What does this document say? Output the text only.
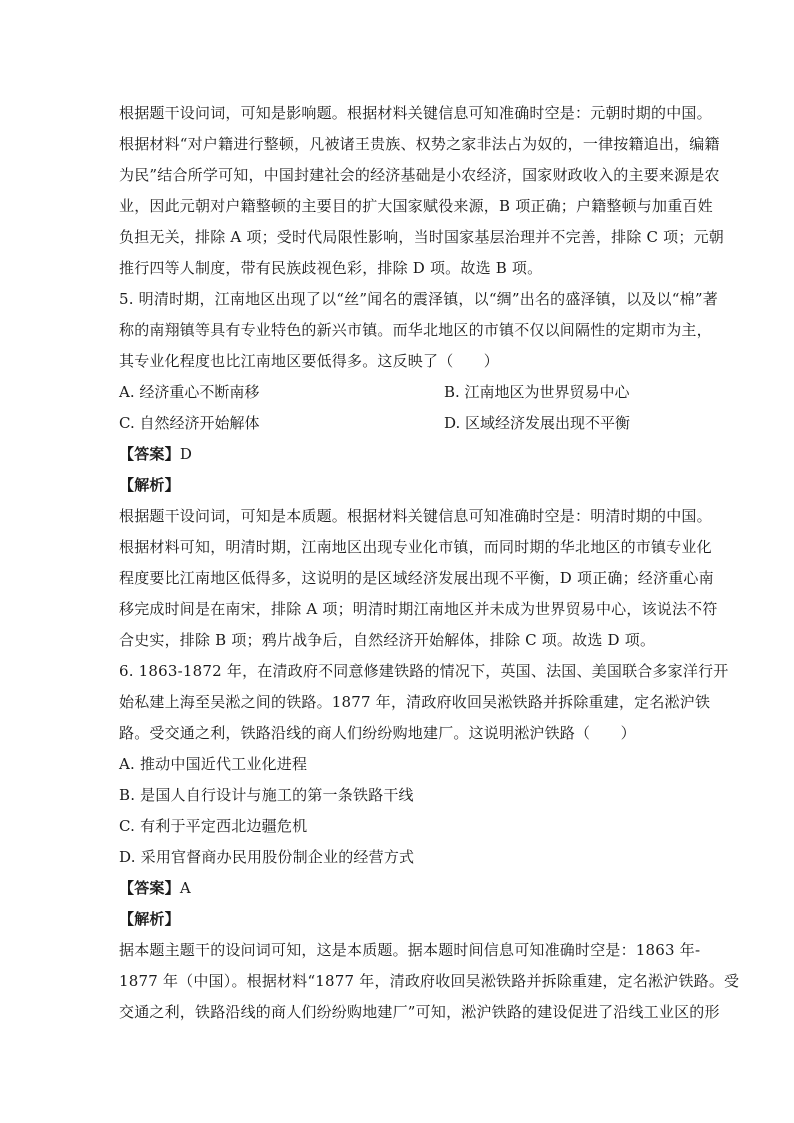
根据题干设问词，可知是影响题。根据材料关键信息可知准确时空是：元朝时期的中国。
根据材料“对户籍进行整顿，凡被诸王贵族、权势之家非法占为奴的，一律按籍追出，编籍
为民”结合所学可知，中国封建社会的经济基础是小农经济，国家财政收入的主要来源是农
业，因此元朝对户籍整顿的主要目的扩大国家赋役来源，B 项正确；户籍整顿与加重百姓
负担无关，排除 A 项；受时代局限性影响，当时国家基层治理并不完善，排除 C 项；元朝
推行四等人制度，带有民族歧视色彩，排除 D 项。故选 B 项。
5. 明清时期，江南地区出现了以“丝”闻名的震泽镇，以“绸”出名的盛泽镇，以及以“棉”著
称的南翔镇等具有专业特色的新兴市镇。而华北地区的市镇不仅以间隔性的定期市为主，
其专业化程度也比江南地区要低得多。这反映了（　　）
A. 经济重心不断南移	B. 江南地区为世界贸易中心
C. 自然经济开始解体	D. 区域经济发展出现不平衡
【答案】D
【解析】
根据题干设问词，可知是本质题。根据材料关键信息可知准确时空是：明清时期的中国。
根据材料可知，明清时期，江南地区出现专业化市镇，而同时期的华北地区的市镇专业化
程度要比江南地区低得多，这说明的是区域经济发展出现不平衡，D 项正确；经济重心南
移完成时间是在南宋，排除 A 项；明清时期江南地区并未成为世界贸易中心，该说法不符
合史实，排除 B 项；鸦片战争后，自然经济开始解体，排除 C 项。故选 D 项。
6. 1863-1872 年，在清政府不同意修建铁路的情况下，英国、法国、美国联合多家洋行开
始私建上海至吴淞之间的铁路。1877 年，清政府收回吴淞铁路并拆除重建，定名淞沪铁
路。受交通之利，铁路沿线的商人们纷纷购地建厂。这说明淞沪铁路（　　）
A. 推动中国近代工业化进程
B. 是国人自行设计与施工的第一条铁路干线
C. 有利于平定西北边疆危机
D. 采用官督商办民用股份制企业的经营方式
【答案】A
【解析】
据本题主题干的设问词可知，这是本质题。据本题时间信息可知准确时空是：1863 年-
1877 年（中国）。根据材料“1877 年，清政府收回吴淞铁路并拆除重建，定名淞沪铁路。受
交通之利，铁路沿线的商人们纷纷购地建厂”可知，淞沪铁路的建设促进了沿线工业区的形
